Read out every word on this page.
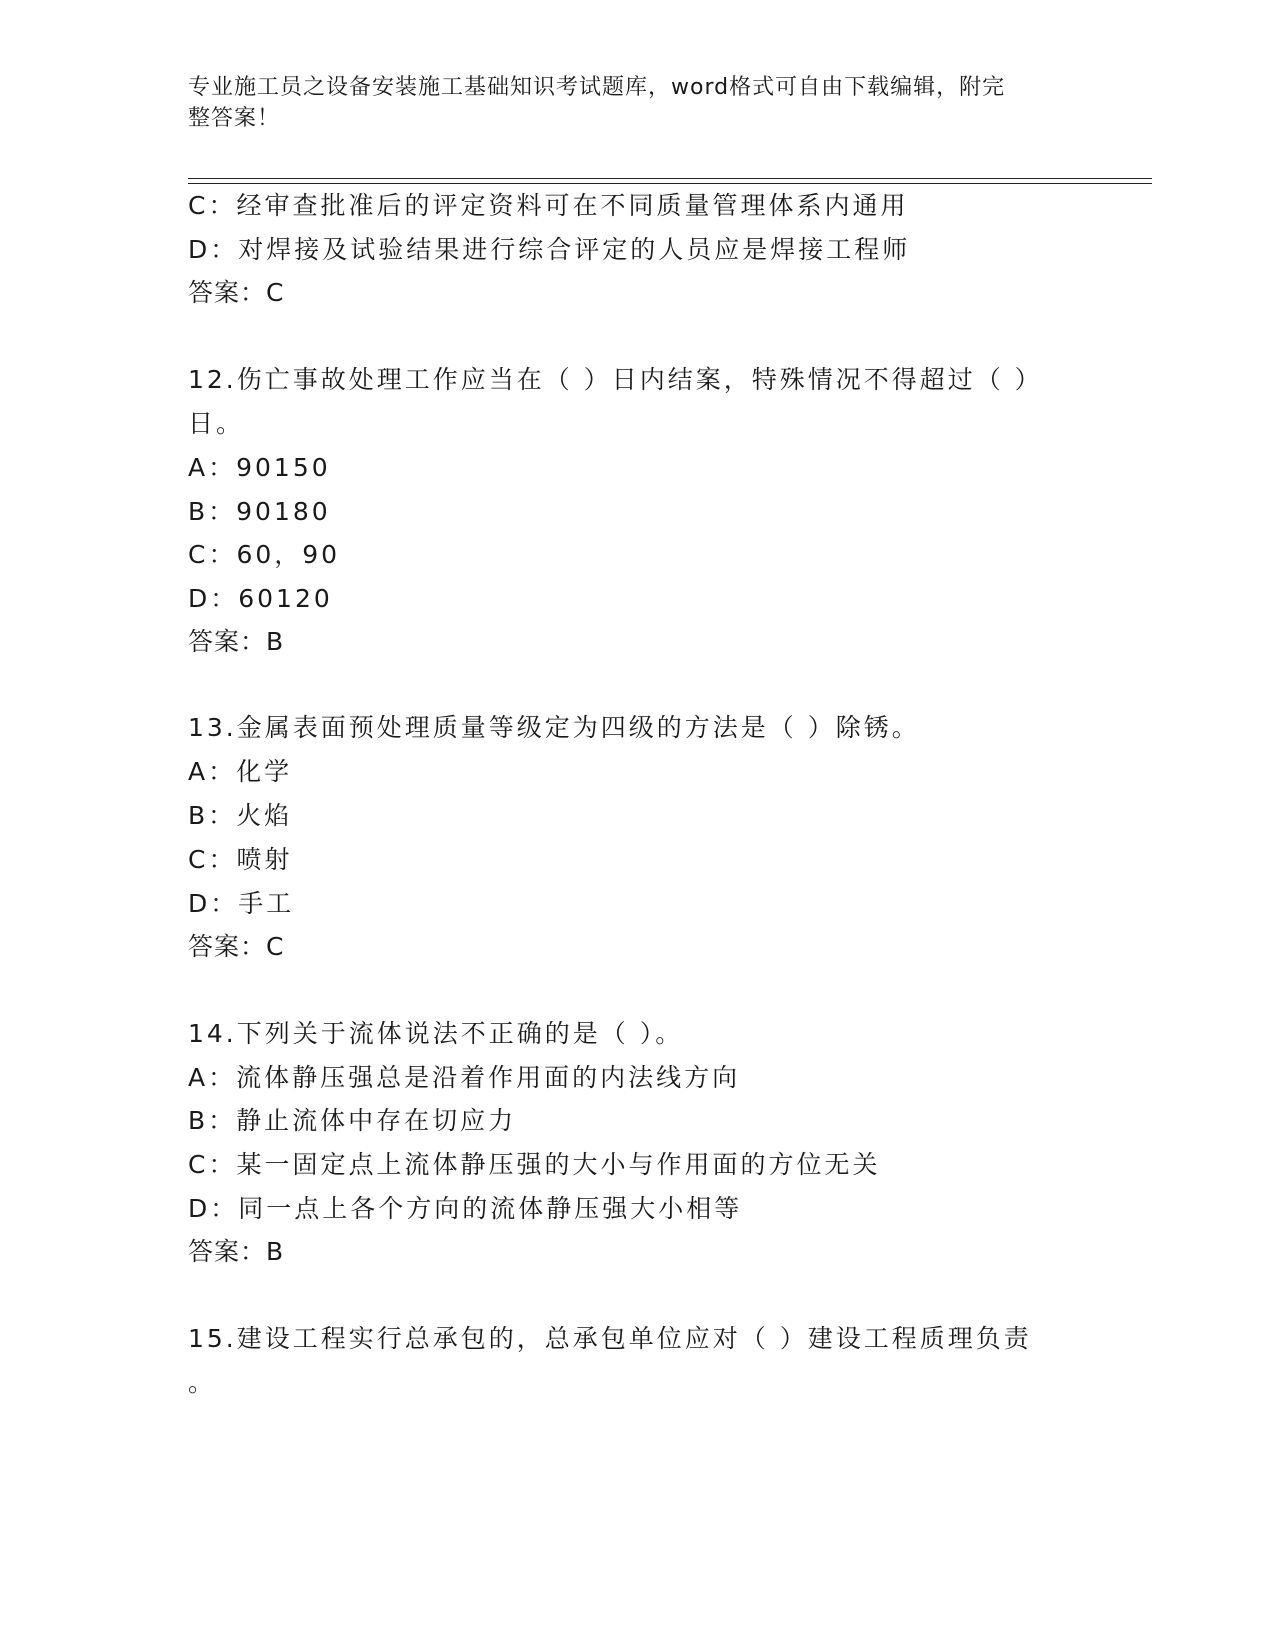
专业施工员之设备安装施工基础知识考试题库，word格式可自由下载编辑，附完
整答案！
C：经审查批准后的评定资料可在不同质量管理体系内通用
D：对焊接及试验结果进行综合评定的人员应是焊接工程师
答案：C
12.伤亡事故处理工作应当在（ ）日内结案，特殊情况不得超过（ ）
日。
A：90150
B：90180
C：60，90
D：60120
答案：B
13.金属表面预处理质量等级定为四级的方法是（ ）除锈。
A：化学
B：火焰
C：喷射
D：手工
答案：C
14.下列关于流体说法不正确的是（ ）。
A：流体静压强总是沿着作用面的内法线方向
B：静止流体中存在切应力
C：某一固定点上流体静压强的大小与作用面的方位无关
D：同一点上各个方向的流体静压强大小相等
答案：B
15.建设工程实行总承包的，总承包单位应对（ ）建设工程质理负责
。
